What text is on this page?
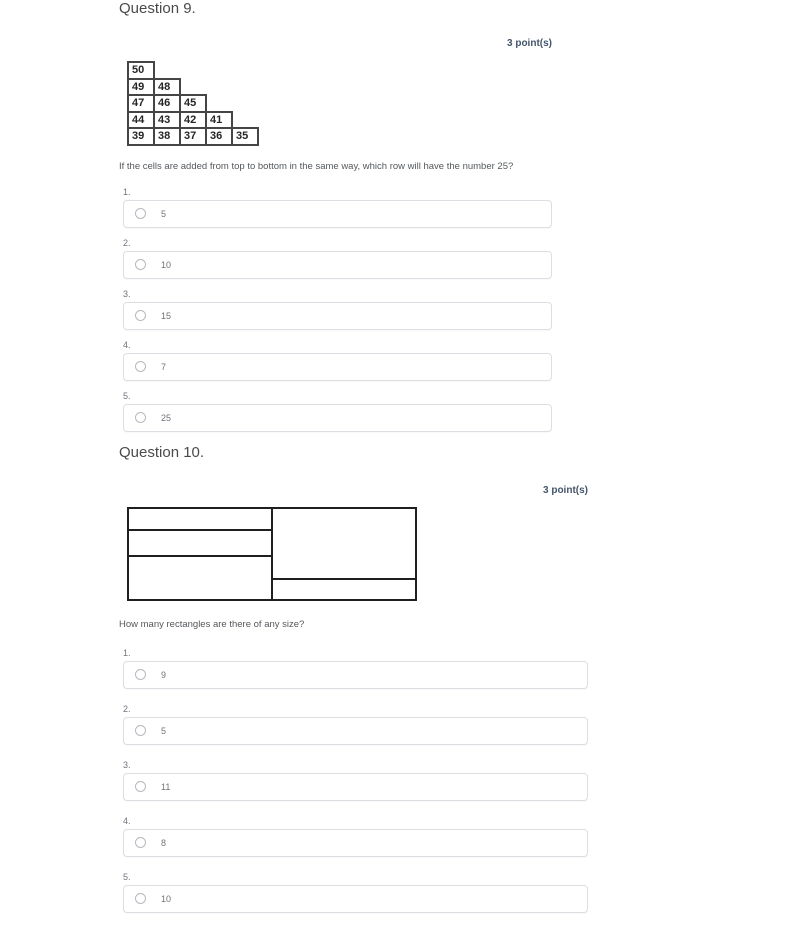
Question 9.
3 point(s)
50				
49	48			
47	46	45		
44	43	42	41	
39	38	37	36	35

If the cells are added from top to bottom in the same way, which row will have the number 25?

1.
5
2.
10
3.
15
4.
7
5.
25
Question 10.
3 point(s)

How many rectangles are there of any size?

1.
9
2.
5
3.
11
4.
8
5.
10
